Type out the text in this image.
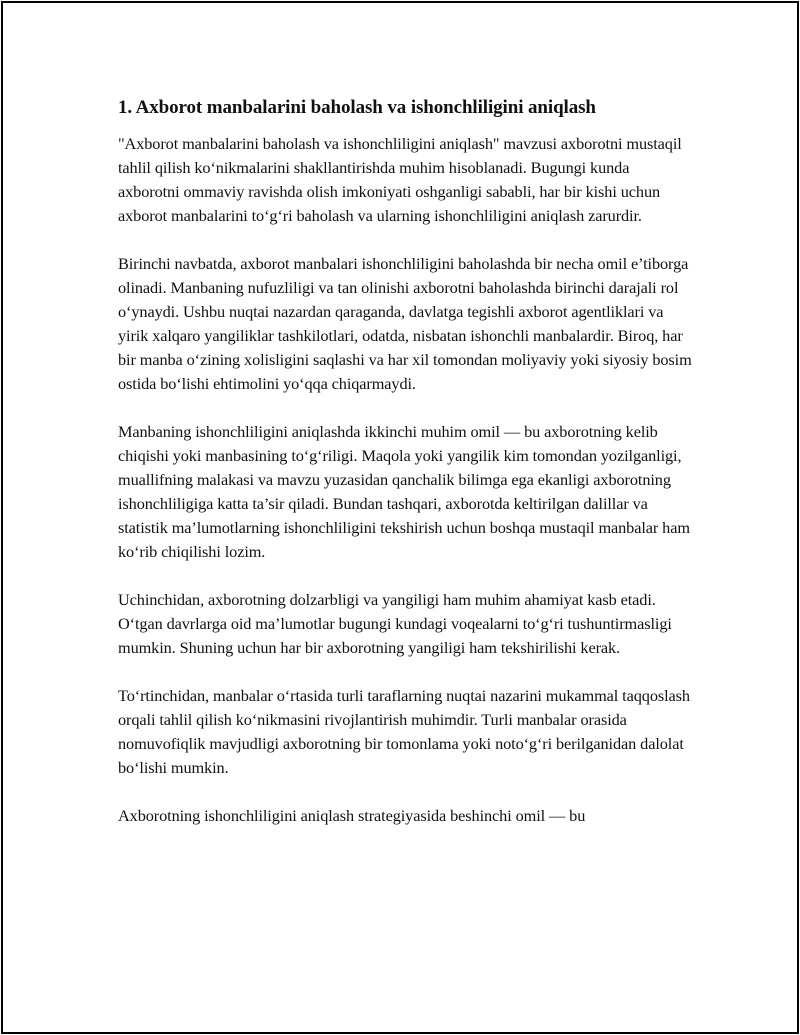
1. Axborot manbalarini baholash va ishonchliligini aniqlash

"Axborot manbalarini baholash va ishonchliligini aniqlash" mavzusi axborotni mustaqil tahlil qilish ko‘nikmalarini shakllantirishda muhim hisoblanadi. Bugungi kunda axborotni ommaviy ravishda olish imkoniyati oshganligi sababli, har bir kishi uchun axborot manbalarini to‘g‘ri baholash va ularning ishonchliligini aniqlash zarurdir.

Birinchi navbatda, axborot manbalari ishonchliligini baholashda bir necha omil e’tiborga olinadi. Manbaning nufuzliligi va tan olinishi axborotni baholashda birinchi darajali rol o‘ynaydi. Ushbu nuqtai nazardan qaraganda, davlatga tegishli axborot agentliklari va yirik xalqaro yangiliklar tashkilotlari, odatda, nisbatan ishonchli manbalardir. Biroq, har bir manba o‘zining xolisligini saqlashi va har xil tomondan moliyaviy yoki siyosiy bosim ostida bo‘lishi ehtimolini yo‘qqa chiqarmaydi.

Manbaning ishonchliligini aniqlashda ikkinchi muhim omil — bu axborotning kelib chiqishi yoki manbasining to‘g‘riligi. Maqola yoki yangilik kim tomondan yozilganligi, muallifning malakasi va mavzu yuzasidan qanchalik bilimga ega ekanligi axborotning ishonchliligiga katta ta’sir qiladi. Bundan tashqari, axborotda keltirilgan dalillar va statistik ma’lumotlarning ishonchliligini tekshirish uchun boshqa mustaqil manbalar ham ko‘rib chiqilishi lozim.

Uchinchidan, axborotning dolzarbligi va yangiligi ham muhim ahamiyat kasb etadi. O‘tgan davrlarga oid ma’lumotlar bugungi kundagi voqealarni to‘g‘ri tushuntirmasligi mumkin. Shuning uchun har bir axborotning yangiligi ham tekshirilishi kerak.

To‘rtinchidan, manbalar o‘rtasida turli taraflarning nuqtai nazarini mukammal taqqoslash orqali tahlil qilish ko‘nikmasini rivojlantirish muhimdir. Turli manbalar orasida nomuvofiqlik mavjudligi axborotning bir tomonlama yoki noto‘g‘ri berilganidan dalolat bo‘lishi mumkin.

Axborotning ishonchliligini aniqlash strategiyasida beshinchi omil — bu
